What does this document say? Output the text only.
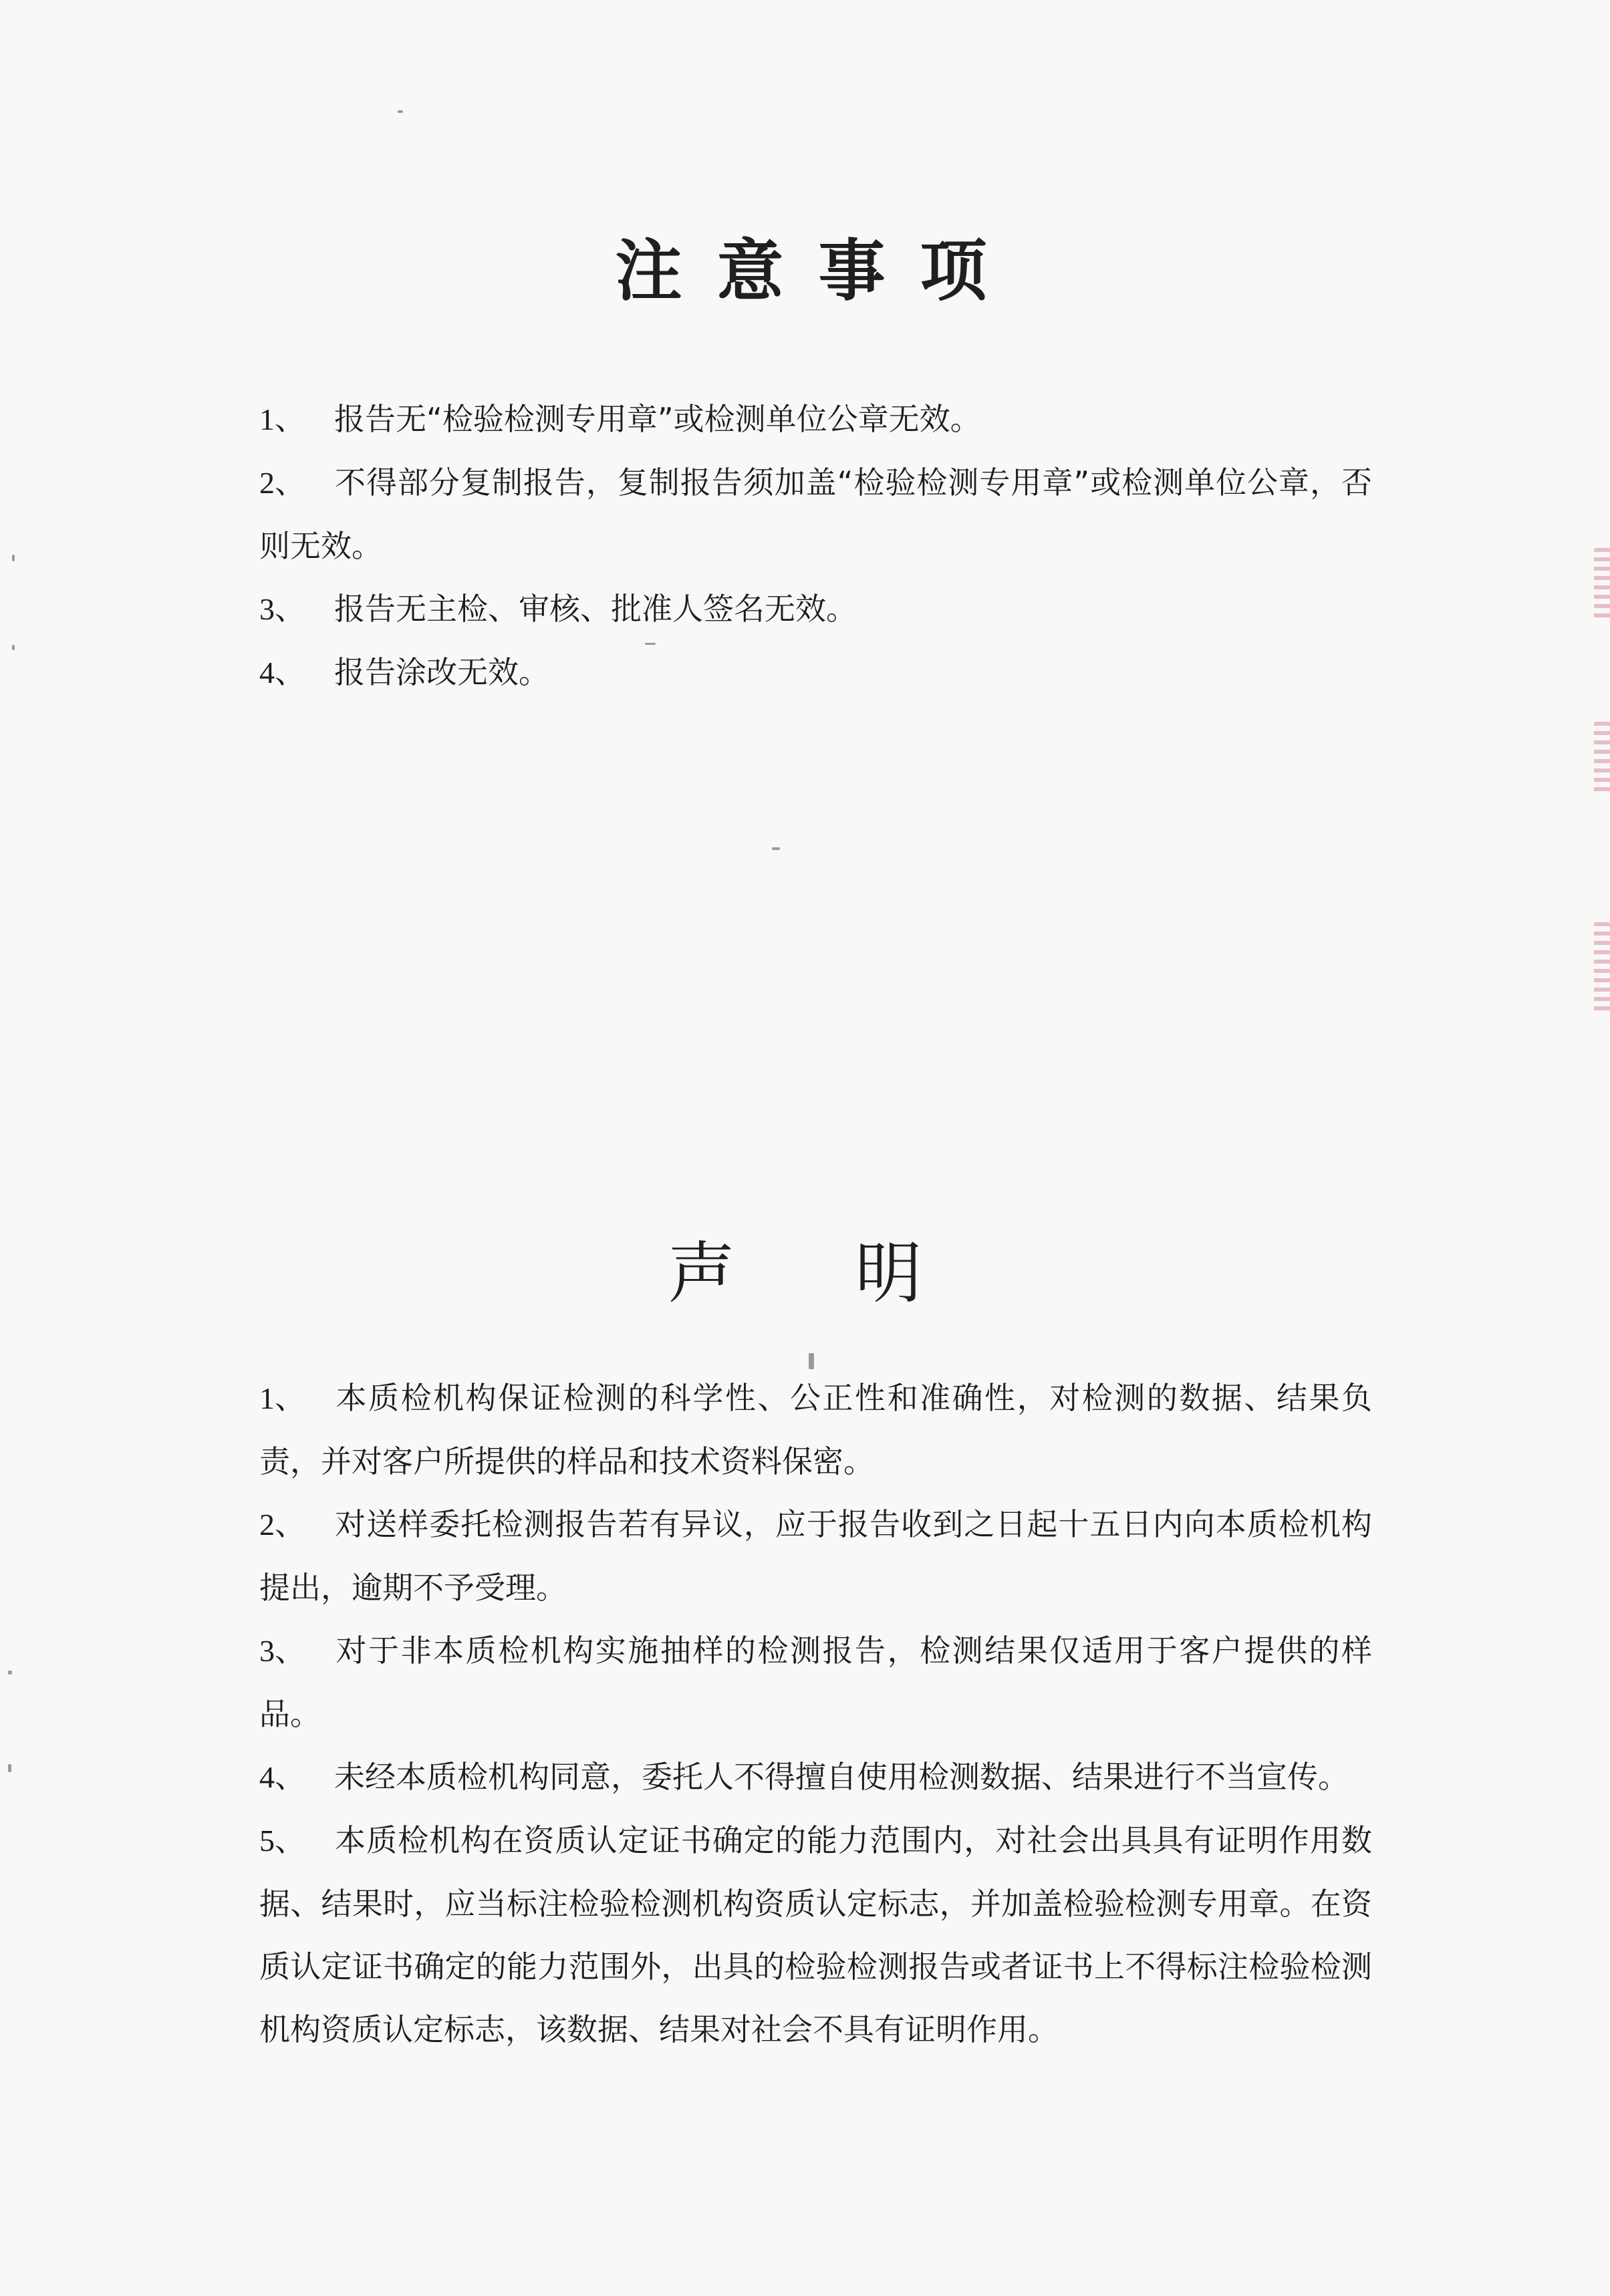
注意事项

1、 报告无“检验检测专用章”或检测单位公章无效。

2、 不得部分复制报告，复制报告须加盖“检验检测专用章”或检测单位公章，否则无效。

3、 报告无主检、审核、批准人签名无效。

4、 报告涂改无效。

声明

1、 本质检机构保证检测的科学性、公正性和准确性，对检测的数据、结果负责，并对客户所提供的样品和技术资料保密。

2、 对送样委托检测报告若有异议，应于报告收到之日起十五日内向本质检机构提出，逾期不予受理。

3、 对于非本质检机构实施抽样的检测报告，检测结果仅适用于客户提供的样品。

4、 未经本质检机构同意，委托人不得擅自使用检测数据、结果进行不当宣传。

5、 本质检机构在资质认定证书确定的能力范围内，对社会出具具有证明作用数据、结果时，应当标注检验检测机构资质认定标志，并加盖检验检测专用章。在资质认定证书确定的能力范围外，出具的检验检测报告或者证书上不得标注检验检测机构资质认定标志，该数据、结果对社会不具有证明作用。
